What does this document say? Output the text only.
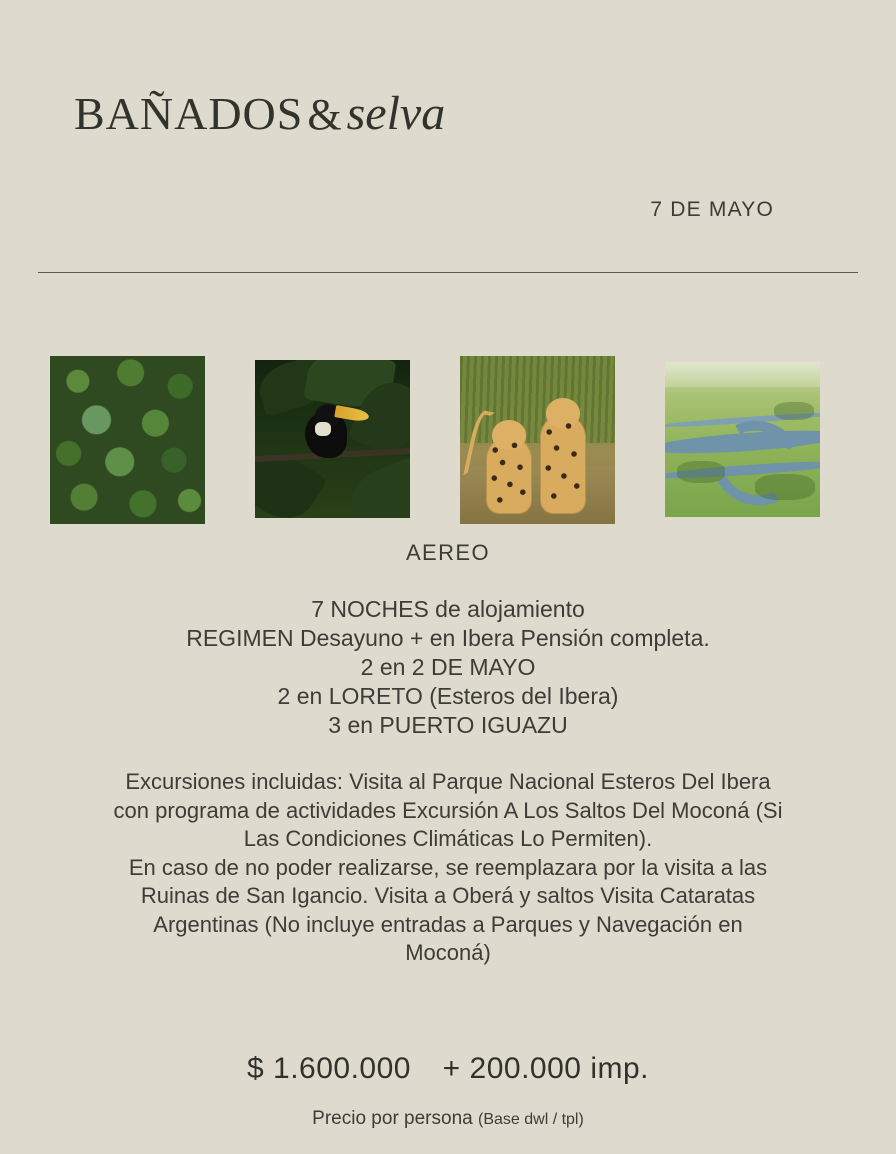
BAÑADOS&selva
7 DE MAYO
AEREO
7 NOCHES de alojamiento
REGIMEN Desayuno + en Ibera Pensión completa.
2 en 2 DE MAYO
2 en LORETO (Esteros del Ibera)
3 en PUERTO IGUAZU
Excursiones incluidas: Visita al Parque Nacional Esteros Del Ibera con programa de actividades Excursión A Los Saltos Del Moconá (Si Las Condiciones Climáticas Lo Permiten).
En caso de no poder realizarse, se reemplazara por la visita a las Ruinas de San Igancio. Visita a Oberá y saltos Visita Cataratas Argentinas (No incluye entradas a Parques y Navegación en Moconá)
$ 1.600.000 + 200.000 imp.
Precio por persona (Base dwl / tpl)
